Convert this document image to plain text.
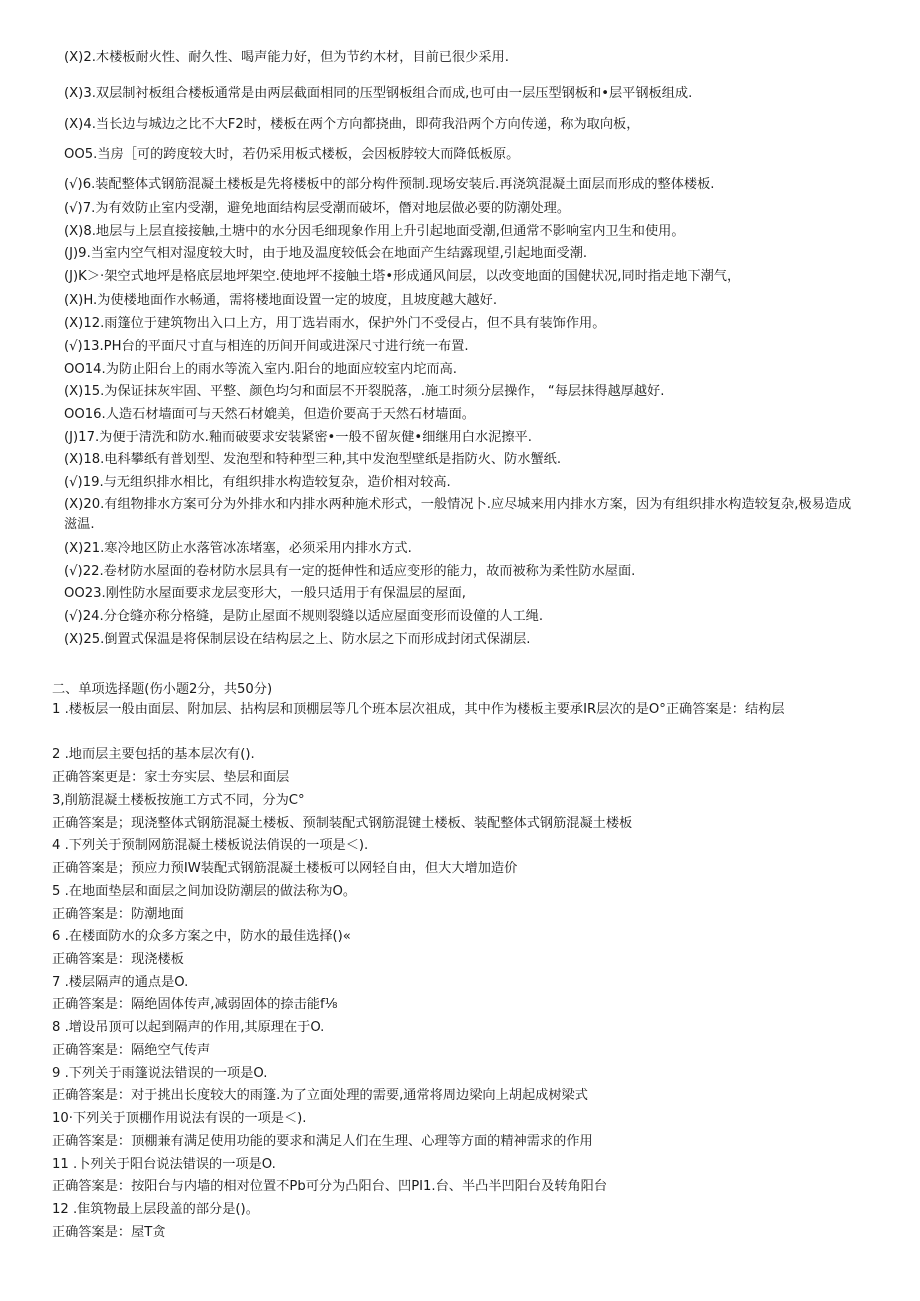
(X)2.木楼板耐火性、耐久性、喝声能力好，但为节约木材，目前已很少采用.
(X)3.双层制衬板组合楼板通常是由两层截面相同的压型钢板组合而成,也可由一层压型钢板和•层平钢板组成.
(X)4.当长边与城边之比不大F2时，楼板在两个方向都挠曲，即荷我沿两个方向传递，称为取向板，
OO5.当房［可的跨度较大时，若仍采用板式楼板，会因板脖较大而降低板原。
(√)6.装配整体式钢筋混凝土楼板是先将楼板中的部分构件预制.现场安装后.再浇筑混凝土面层而形成的整体楼板.
(√)7.为有效防止室内受潮，避免地面结构层受潮而破坏，僭对地层做必要的防潮处理。
(X)8.地层与上层直接接触,土塘中的水分因毛细现象作用上升引起地面受潮,但通常不影响室内卫生和使用。
(J)9.当室内空气相对湿度较大时，由于地及温度较低会在地面产生结露现望,引起地面受潮.
(J)K＞·架空式地坪是格底层地坪架空.使地坪不接触土塔•形成通风间层，以改变地面的国健状况,同时指走地下潮气，
(X)H.为使楼地面作水畅通，需将楼地面设置一定的坡度，且坡度越大越好.
(X)12.雨篷位于建筑物出入口上方，用丁选岩雨水，保护外门不受侵占，但不具有装饰作用。
(√)13.PH台的平面尺寸直与相连的历间开间或进深尺寸进行统一布置.
OO14.为防止阳台上的雨水等流入室内.阳台的地面应较室内坨而高.
(X)15.为保证抹灰牢固、平整、颜色均匀和面层不开裂脱落，.施工时须分层操作， “每层抹得越厚越好.
OO16.人造石材墙面可与天然石材媲美，但造价要高于天然石材墙面。
(J)17.为便于清洗和防水.釉而破要求安装紧密•一般不留灰健•细继用白水泥擦平.
(X)18.电科攀纸有普划型、发泡型和特种型三种,其中发泡型壁纸是指防火、防水蟹纸.
(√)19.与无组织排水相比，有组织排水构造较复杂，造价相对较高.
(X)20.有组物排水方案可分为外排水和内排水两种施术形式，一般情况卜.应尽城来用内排水方案，因为有组织排水构造较复杂,极易造成滋温.
(X)21.寒冷地区防止水落管冰冻堵塞，必须采用内排水方式.
(√)22.卷材防水屋面的卷材防水层具有一定的挺伸性和适应变形的能力，故而被称为柔性防水屋面.
OO23.刚性防水屋面要求龙层变形大，一般只适用于有保温层的屋面,
(√)24.分仓缝亦称分格缝，是防止屋面不规则裂缝以适应屋面变形而设僮的人工绳.
(X)25.倒置式保温是将保制层设在结构层之上、防水层之下而形成封闭式保湖层.
二、单项选择题(伤小题2分，共50分)
1 .楼板层一般由面层、附加层、拈构层和顶棚层等几个班本层次祖成，其中作为楼板主要承IR层次的是O°正确答案是：结构层
2 .地而层主要包括的基本层次有().
正确答案更是：家士夯实层、垫层和面层
3,削筋混凝土楼板按施工方式不同，分为C°
正确答案是；现浇整体式钢筋混凝土楼板、预制装配式钢筋混键土楼板、装配整体式钢筋混凝土楼板
4 .下列关于预制网筋混凝土楼板说法俏误的一项是＜).
正确答案是；预应力预IW装配式钢筋混凝土楼板可以网轻自由，但大大增加造价
5 .在地面垫层和面层之间加设防潮层的做法称为O。
正确答案是：防潮地面
6 .在楼面防水的众多方案之中，防水的最佳选择()«
正确答案是：现浇楼板
7 .楼层隔声的通点是O.
正确答案是：隔绝固体传声,减弱固体的捺击能f⅛
8 .增设吊顶可以起到隔声的作用,其原理在于O.
正确答案是：隔绝空气传声
9 .下列关于雨篷说法错误的一项是O.
正确答案是：对于挑出长度较大的雨篷.为了立面处理的需要,通常将周边梁向上胡起成树梁式
10·下列关于顶棚作用说法有误的一项是＜).
正确答案是：顶棚兼有满足使用功能的要求和满足人们在生理、心理等方面的精神需求的作用
11 .卜列关于阳台说法错误的一项是O.
正确答案是：按阳台与内墙的相对位置不Pb可分为凸阳台、凹PI1.台、半凸半凹阳台及转角阳台
12 .隹筑物最上层段盖的部分是()。
正确答案是：屋T贪
